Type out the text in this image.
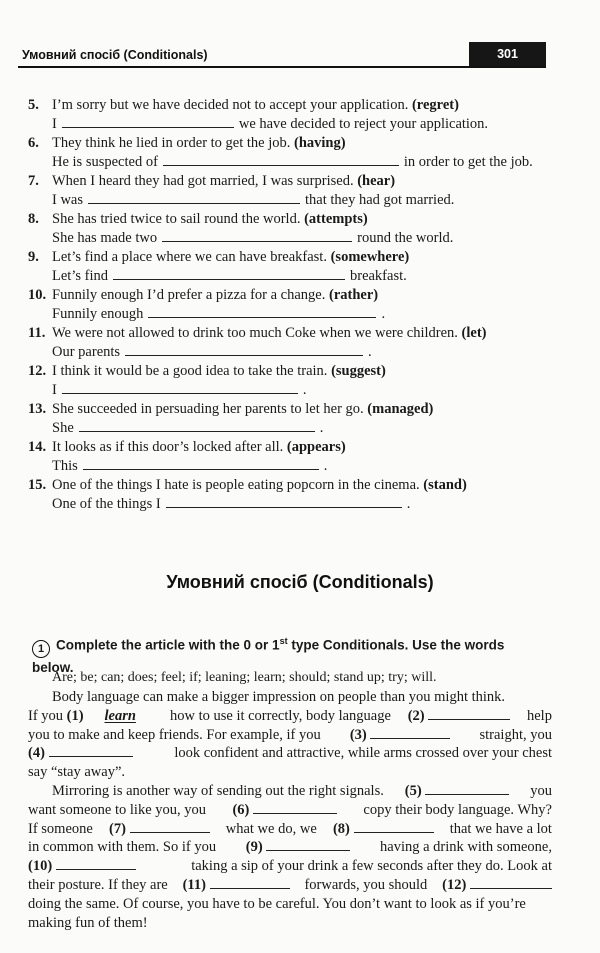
Умовний спосіб (Conditionals)	301
5. I’m sorry but we have decided not to accept your application. (regret)
I	we have decided to reject your application.
6. They think he lied in order to get the job. (having)
He is suspected of	in order to get the job.
7. When I heard they had got married, I was surprised. (hear)
I was	that they had got married.
8. She has tried twice to sail round the world. (attempts)
She has made two	round the world.
9. Let’s find a place where we can have breakfast. (somewhere)
Let’s find	breakfast.
10. Funnily enough I’d prefer a pizza for a change. (rather)
Funnily enough	.
11. We were not allowed to drink too much Coke when we were children. (let)
Our parents	.
12. I think it would be a good idea to take the train. (suggest)
I	.
13. She succeeded in persuading her parents to let her go. (managed)
She	.
14. It looks as if this door’s locked after all. (appears)
This	.
15. One of the things I hate is people eating popcorn in the cinema. (stand)
One of the things I	.
Умовний спосіб (Conditionals)
1 Complete the article with the 0 or 1st type Conditionals. Use the words
below.
Are; be; can; does; feel; if; leaning; learn; should; stand up; try; will.
Body language can make a bigger impression on people than you might think.
If you (1) learn	how to use it correctly, body language (2)	help
you to make and keep friends. For example, if you (3)	straight, you
(4)	look confident and attractive, while arms crossed over your chest
say “stay away”.
Mirroring is another way of sending out the right signals. (5)	you
want someone to like you, you (6)	copy their body language. Why?
If someone (7)	what we do, we (8)	that we have a lot
in common with them. So if you (9)	having a drink with someone,
(10)	taking a sip of your drink a few seconds after they do. Look at
their posture. If they are (11)	forwards, you should (12)
doing the same. Of course, you have to be careful. You don’t want to look as if you’re
making fun of them!
